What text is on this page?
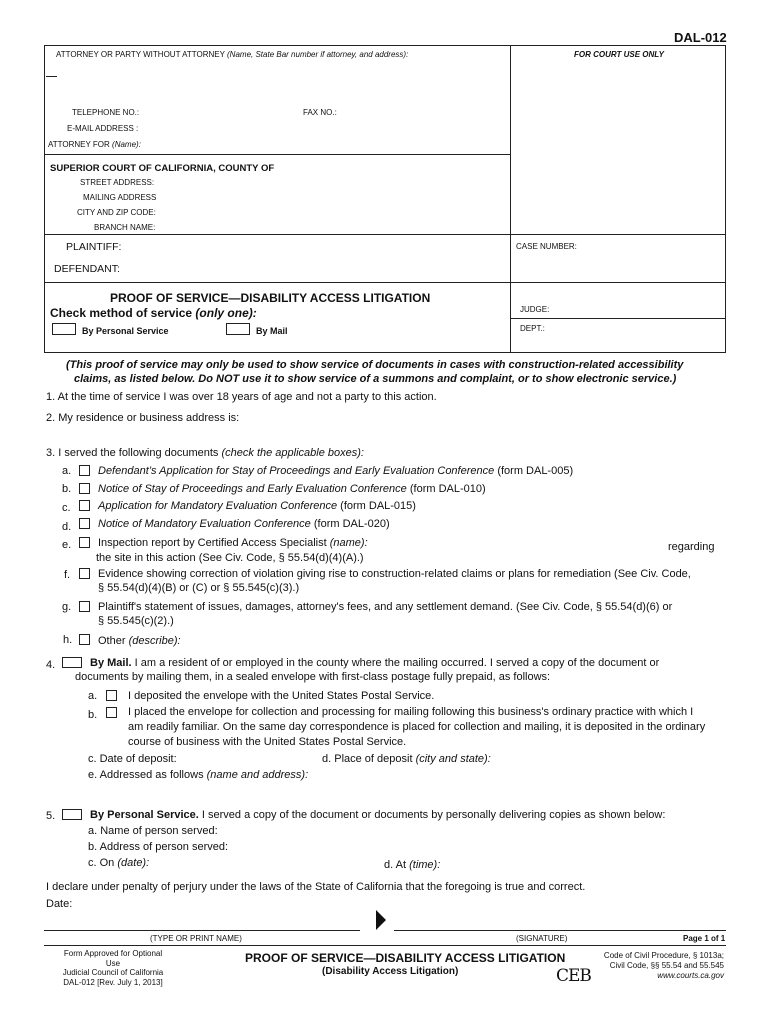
DAL-012
ATTORNEY OR PARTY WITHOUT ATTORNEY (Name, State Bar number if attorney, and address):	FOR COURT USE ONLY
TELEPHONE NO.:	FAX NO.:
E-MAIL ADDRESS :
ATTORNEY FOR (Name):
SUPERIOR COURT OF CALIFORNIA, COUNTY OF
STREET ADDRESS:
MAILING ADDRESS
CITY AND ZIP CODE:
BRANCH NAME:
PLAINTIFF:
DEFENDANT:
CASE NUMBER:
PROOF OF SERVICE—DISABILITY ACCESS LITIGATION
Check method of service (only one):
By Personal Service	By Mail
JUDGE:
DEPT.:
(This proof of service may only be used to show service of documents in cases with construction-related accessibility
claims, as listed below. Do NOT use it to show service of a summons and complaint, or to show electronic service.)
1. At the time of service I was over 18 years of age and not a party to this action.
2. My residence or business address is:
3. I served the following documents (check the applicable boxes):
a. Defendant’s Application for Stay of Proceedings and Early Evaluation Conference (form DAL-005)
b. Notice of Stay of Proceedings and Early Evaluation Conference (form DAL-010)
c. Application for Mandatory Evaluation Conference (form DAL-015)
d. Notice of Mandatory Evaluation Conference (form DAL-020)
e. Inspection report by Certified Access Specialist (name):	regarding
the site in this action (See Civ. Code, § 55.54(d)(4)(A).)
f.	Evidence showing correction of violation giving rise to construction-related claims or plans for remediation (See Civ. Code,
§ 55.54(d)(4)(B) or (C) or § 55.545(c)(3).)
g. Plaintiff's statement of issues, damages, attorney's fees, and any settlement demand. (See Civ. Code, § 55.54(d)(6) or
§ 55.545(c)(2).)
h. Other (describe):
4.	By Mail. I am a resident of or employed in the county where the mailing occurred. I served a copy of the document or
documents by mailing them, in a sealed envelope with first-class postage fully prepaid, as follows:
a.	I deposited the envelope with the United States Postal Service.
b.	I placed the envelope for collection and processing for mailing following this business's ordinary practice with which I
am readily familiar. On the same day correspondence is placed for collection and mailing, it is deposited in the ordinary
course of business with the United States Postal Service.
c. Date of deposit:	d. Place of deposit (city and state):
e. Addressed as follows (name and address):
5.	By Personal Service. I served a copy of the document or documents by personally delivering copies as shown below:
a. Name of person served:
b. Address of person served:
c. On (date):	d. At (time):
I declare under penalty of perjury under the laws of the State of California that the foregoing is true and correct.
Date:
(TYPE OR PRINT NAME)	(SIGNATURE)	Page 1 of 1
Form Approved for Optional Use
Judicial Council of California
DAL-012 [Rev. July 1, 2013]
PROOF OF SERVICE—DISABILITY ACCESS LITIGATION
(Disability Access Litigation)	CEB
Code of Civil Procedure, § 1013a;
Civil Code, §§ 55.54 and 55.545
www.courts.ca.gov
